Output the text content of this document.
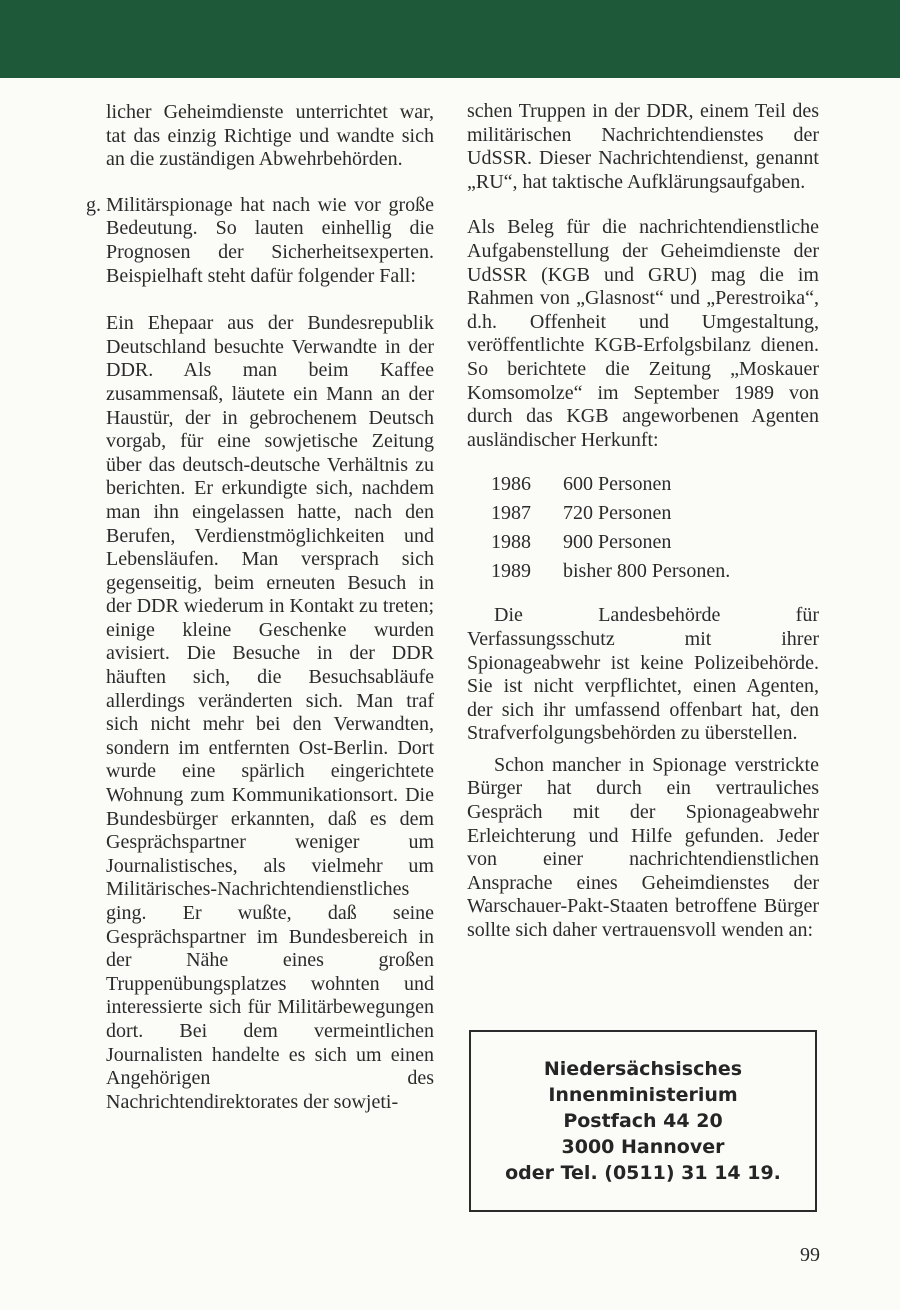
licher Geheimdienste unterrichtet war, tat das einzig Richtige und wandte sich an die zuständigen Abwehrbehörden.

g. Militärspionage hat nach wie vor große Bedeutung. So lauten einhellig die Prognosen der Sicherheitsexperten. Beispielhaft steht dafür folgender Fall:

Ein Ehepaar aus der Bundesrepublik Deutschland besuchte Verwandte in der DDR. Als man beim Kaffee zusammensaß, läutete ein Mann an der Haustür, der in gebrochenem Deutsch vorgab, für eine sowjetische Zeitung über das deutsch-deutsche Verhältnis zu berichten. Er erkundigte sich, nachdem man ihn eingelassen hatte, nach den Berufen, Verdienstmöglichkeiten und Lebensläufen. Man versprach sich gegenseitig, beim erneuten Besuch in der DDR wiederum in Kontakt zu treten; einige kleine Geschenke wurden avisiert. Die Besuche in der DDR häuften sich, die Besuchsabläufe allerdings veränderten sich. Man traf sich nicht mehr bei den Verwandten, sondern im entfernten Ost-Berlin. Dort wurde eine spärlich eingerichtete Wohnung zum Kommunikationsort. Die Bundesbürger erkannten, daß es dem Gesprächspartner weniger um Journalistisches, als vielmehr um Militärisches-Nachrichtendienstliches ging. Er wußte, daß seine Gesprächspartner im Bundesbereich in der Nähe eines großen Truppenübungsplatzes wohnten und interessierte sich für Militärbewegungen dort. Bei dem vermeintlichen Journalisten handelte es sich um einen Angehörigen des Nachrichtendirektorates der sowjeti-

schen Truppen in der DDR, einem Teil des militärischen Nachrichtendienstes der UdSSR. Dieser Nachrichtendienst, genannt „RU“, hat taktische Aufklärungsaufgaben.

Als Beleg für die nachrichtendienstliche Aufgabenstellung der Geheimdienste der UdSSR (KGB und GRU) mag die im Rahmen von „Glasnost“ und „Perestroika“, d.h. Offenheit und Umgestaltung, veröffentlichte KGB-Erfolgsbilanz dienen. So berichtete die Zeitung „Moskauer Komsomolze“ im September 1989 von durch das KGB angeworbenen Agenten ausländischer Herkunft:

1986	600 Personen
1987	720 Personen
1988	900 Personen
1989	bisher 800 Personen.

Die Landesbehörde für Verfassungsschutz mit ihrer Spionageabwehr ist keine Polizeibehörde. Sie ist nicht verpflichtet, einen Agenten, der sich ihr umfassend offenbart hat, den Strafverfolgungsbehörden zu überstellen.

Schon mancher in Spionage verstrickte Bürger hat durch ein vertrauliches Gespräch mit der Spionageabwehr Erleichterung und Hilfe gefunden. Jeder von einer nachrichtendienstlichen Ansprache eines Geheimdienstes der Warschauer-Pakt-Staaten betroffene Bürger sollte sich daher vertrauensvoll wenden an:

Niedersächsisches
Innenministerium
Postfach 44 20
3000 Hannover
oder Tel. (0511) 31 14 19.
99
